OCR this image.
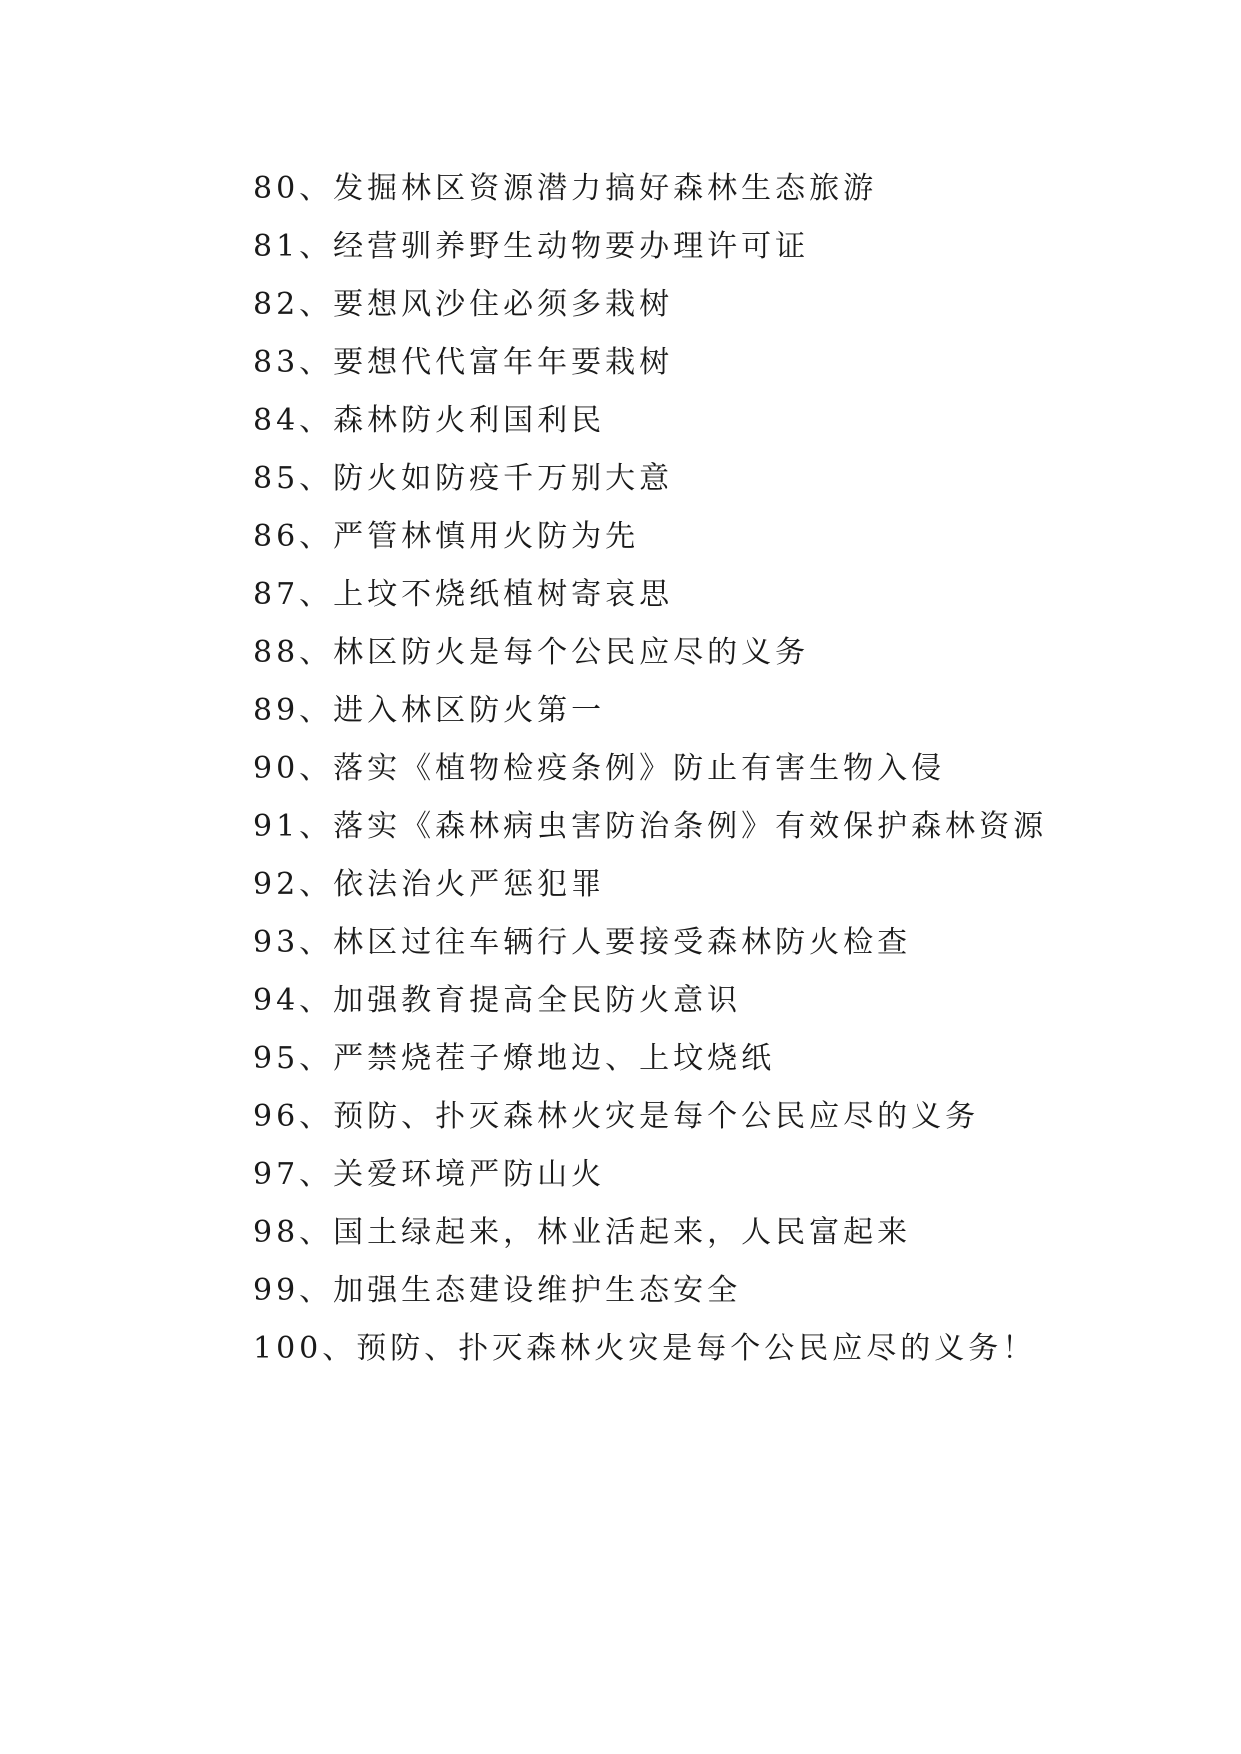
80、发掘林区资源潜力搞好森林生态旅游
81、经营驯养野生动物要办理许可证
82、要想风沙住必须多栽树
83、要想代代富年年要栽树
84、森林防火利国利民
85、防火如防疫千万别大意
86、严管林慎用火防为先
87、上坟不烧纸植树寄哀思
88、林区防火是每个公民应尽的义务
89、进入林区防火第一
90、落实《植物检疫条例》防止有害生物入侵
91、落实《森林病虫害防治条例》有效保护森林资源
92、依法治火严惩犯罪
93、林区过往车辆行人要接受森林防火检查
94、加强教育提高全民防火意识
95、严禁烧茬子燎地边、上坟烧纸
96、预防、扑灭森林火灾是每个公民应尽的义务
97、关爱环境严防山火
98、国土绿起来，林业活起来，人民富起来
99、加强生态建设维护生态安全
100、预防、扑灭森林火灾是每个公民应尽的义务！
